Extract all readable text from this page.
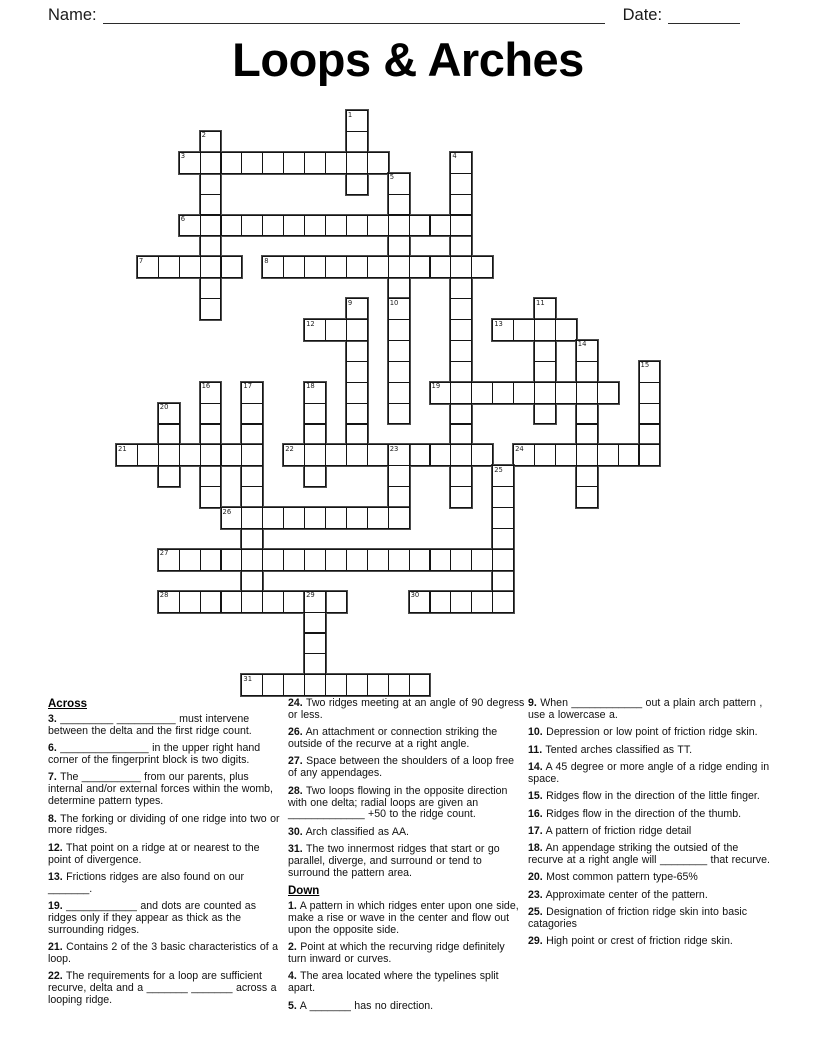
Name:	Date:
Loops & Arches
1
2
3	4
5
6
7	8
9	10	11
12	13
14
15
16	17	18	19
20
21	22	23	24
25
26
27
28	29	30
31
Across

3. _________ __________ must intervene between the delta and the first ridge count.

6. _______________ in the upper right hand corner of the fingerprint block is two digits.

7. The __________ from our parents, plus internal and/or external forces within the womb, determine pattern types.

8. The forking or dividing of one ridge into two or more ridges.

12. That point on a ridge at or nearest to the point of divergence.

13. Frictions ridges are also found on our _______.

19. ____________ and dots are counted as ridges only if they appear as thick as the surrounding ridges.

21. Contains 2 of the 3 basic characteristics of a loop.

22. The requirements for a loop are sufficient recurve, delta and a _______ _______ across a looping ridge.

24. Two ridges meeting at an angle of 90 degress or less.

26. An attachment or connection striking the outside of the recurve at a right angle.

27. Space between the shoulders of a loop free of any appendages.

28. Two loops flowing in the opposite direction with one delta; radial loops are given an _____________ +50 to the ridge count.

30. Arch classified as AA.

31. The two innermost ridges that start or go parallel, diverge, and surround or tend to surround the pattern area.

Down

1. A pattern in which ridges enter upon one side, make a rise or wave in the center and flow out upon the opposite side.

2. Point at which the recurving ridge definitely turn inward or curves.

4. The area located where the typelines split apart.

5. A _______ has no direction.

9. When ____________ out a plain arch pattern , use a lowercase a.

10. Depression or low point of friction ridge skin.

11. Tented arches classified as TT.

14. A 45 degree or more angle of a ridge ending in space.

15. Ridges flow in the direction of the little finger.

16. Ridges flow in the direction of the thumb.

17. A pattern of friction ridge detail

18. An appendage striking the outsied of the recurve at a right angle will ________ that recurve.

20. Most common pattern type-65%

23. Approximate center of the pattern.

25. Designation of friction ridge skin into basic catagories

29. High point or crest of friction ridge skin.
